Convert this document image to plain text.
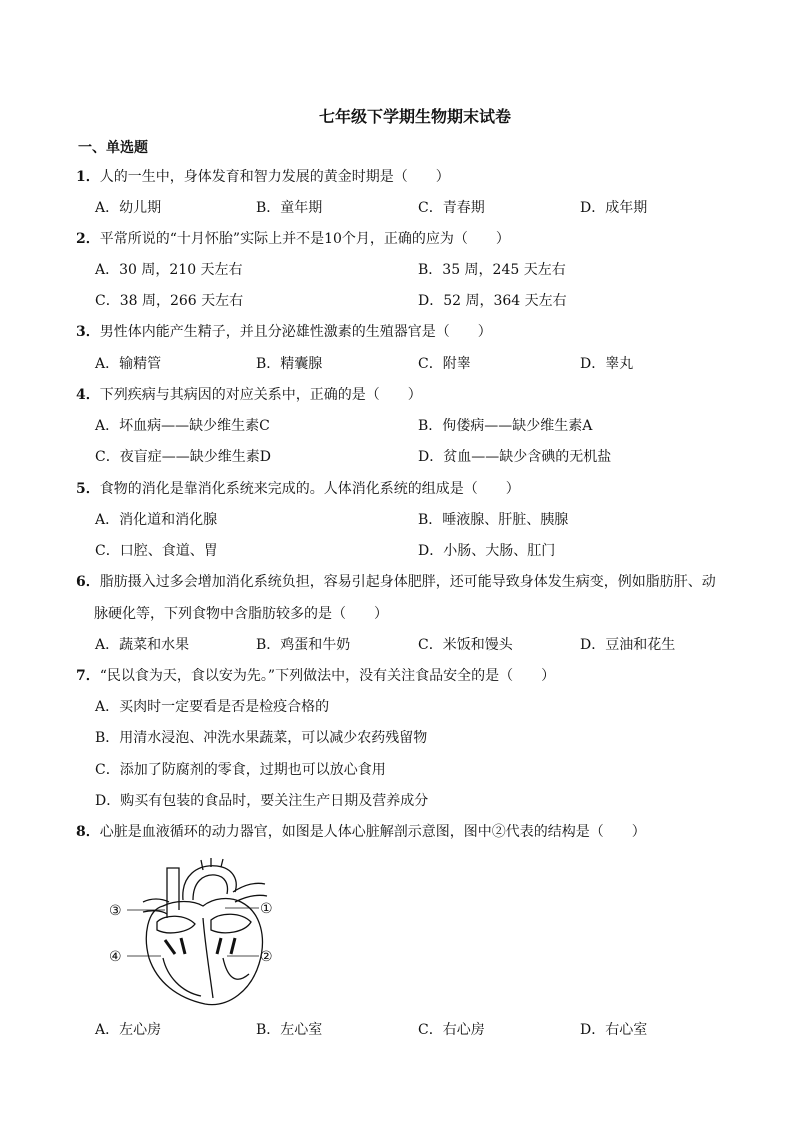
七年级下学期生物期末试卷
一、单选题
1．人的一生中，身体发育和智力发展的黄金时期是（　　）
A．幼儿期	B．童年期	C．青春期	D．成年期
2．平常所说的“十月怀胎”实际上并不是10个月，正确的应为（　　）
A．30 周，210 天左右	B．35 周，245 天左右
C．38 周，266 天左右	D．52 周，364 天左右
3．男性体内能产生精子，并且分泌雄性激素的生殖器官是（　　）
A．输精管	B．精囊腺	C．附睾	D．睾丸
4．下列疾病与其病因的对应关系中，正确的是（　　）
A．坏血病——缺少维生素C	B．佝偻病——缺少维生素A
C．夜盲症——缺少维生素D	D．贫血——缺少含碘的无机盐
5．食物的消化是靠消化系统来完成的。人体消化系统的组成是（　　）
A．消化道和消化腺	B．唾液腺、肝脏、胰腺
C．口腔、食道、胃	D．小肠、大肠、肛门
6．脂肪摄入过多会增加消化系统负担，容易引起身体肥胖，还可能导致身体发生病变，例如脂肪肝、动
脉硬化等，下列食物中含脂肪较多的是（　　）
A．蔬菜和水果	B．鸡蛋和牛奶	C．米饭和馒头	D．豆油和花生
7．“民以食为天，食以安为先。”下列做法中，没有关注食品安全的是（　　）
A．买肉时一定要看是否是检疫合格的
B．用清水浸泡、冲洗水果蔬菜，可以减少农药残留物
C．添加了防腐剂的零食，过期也可以放心食用
D．购买有包装的食品时，要关注生产日期及营养成分
8．心脏是血液循环的动力器官，如图是人体心脏解剖示意图，图中②代表的结构是（　　）
③
④
①
②
A．左心房	B．左心室	C．右心房	D．右心室
